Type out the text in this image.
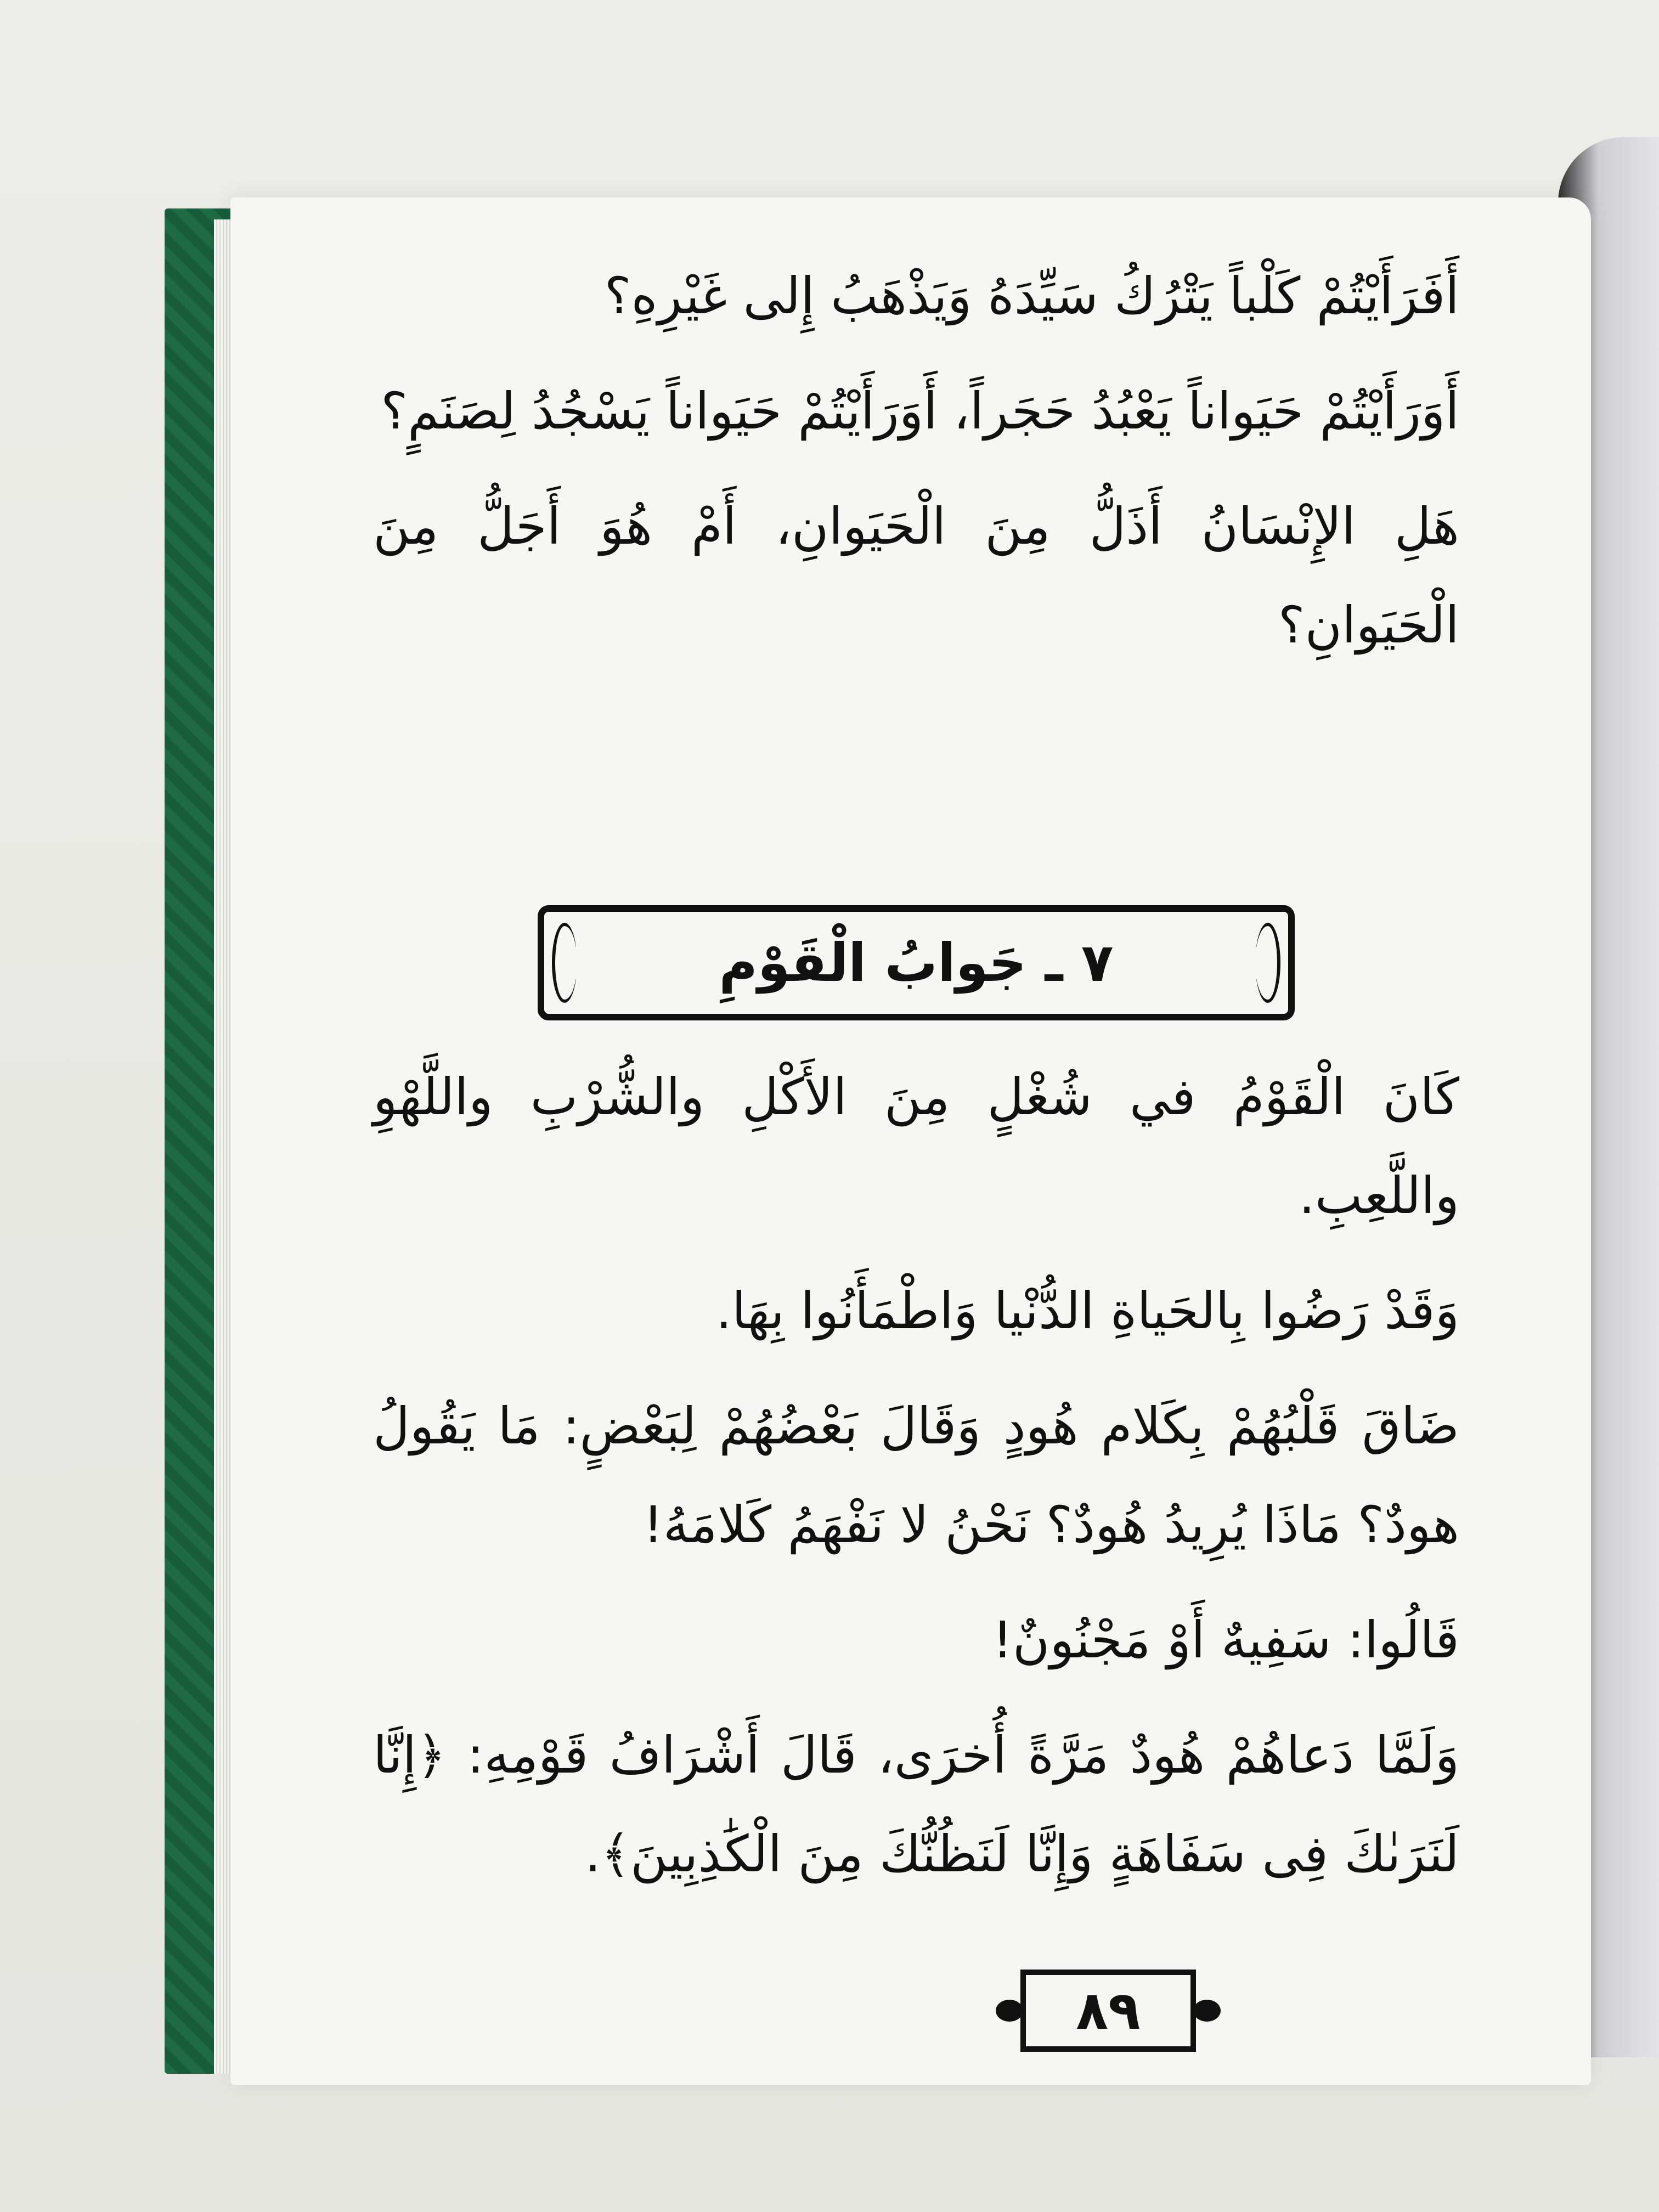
أَفَرَأَيْتُمْ كَلْباً يَتْرُكُ سَيِّدَهُ وَيَذْهَبُ إِلى غَيْرِهِ؟

أَوَرَأَيْتُمْ حَيَواناً يَعْبُدُ حَجَراً، أَوَرَأَيْتُمْ حَيَواناً يَسْجُدُ لِصَنَمٍ؟

هَلِ الإِنْسَانُ أَذَلُّ مِنَ الْحَيَوانِ، أَمْ هُوَ أَجَلُّ مِنَ الْحَيَوانِ؟

٧ ـ جَوابُ الْقَوْمِ

كَانَ الْقَوْمُ في شُغْلٍ مِنَ الأَكْلِ والشُّرْبِ واللَّهْوِ واللَّعِبِ.

وَقَدْ رَضُوا بِالحَياةِ الدُّنْيا وَاطْمَأَنُوا بِهَا.

ضَاقَ قَلْبُهُمْ بِكَلام هُودٍ وَقَالَ بَعْضُهُمْ لِبَعْضٍ: مَا يَقُولُ هودٌ؟ مَاذَا يُرِيدُ هُودٌ؟ نَحْنُ لا نَفْهَمُ كَلامَهُ!

قَالُوا: سَفِيهٌ أَوْ مَجْنُونٌ!

وَلَمَّا دَعاهُمْ هُودٌ مَرَّةً أُخرَى، قَالَ أَشْرَافُ قَوْمِهِ: ﴿إِنَّا لَنَرَىٰكَ فِى سَفَاهَةٍ وَإِنَّا لَنَظُنُّكَ مِنَ الْكَٰذِبِينَ﴾.

٨٩
